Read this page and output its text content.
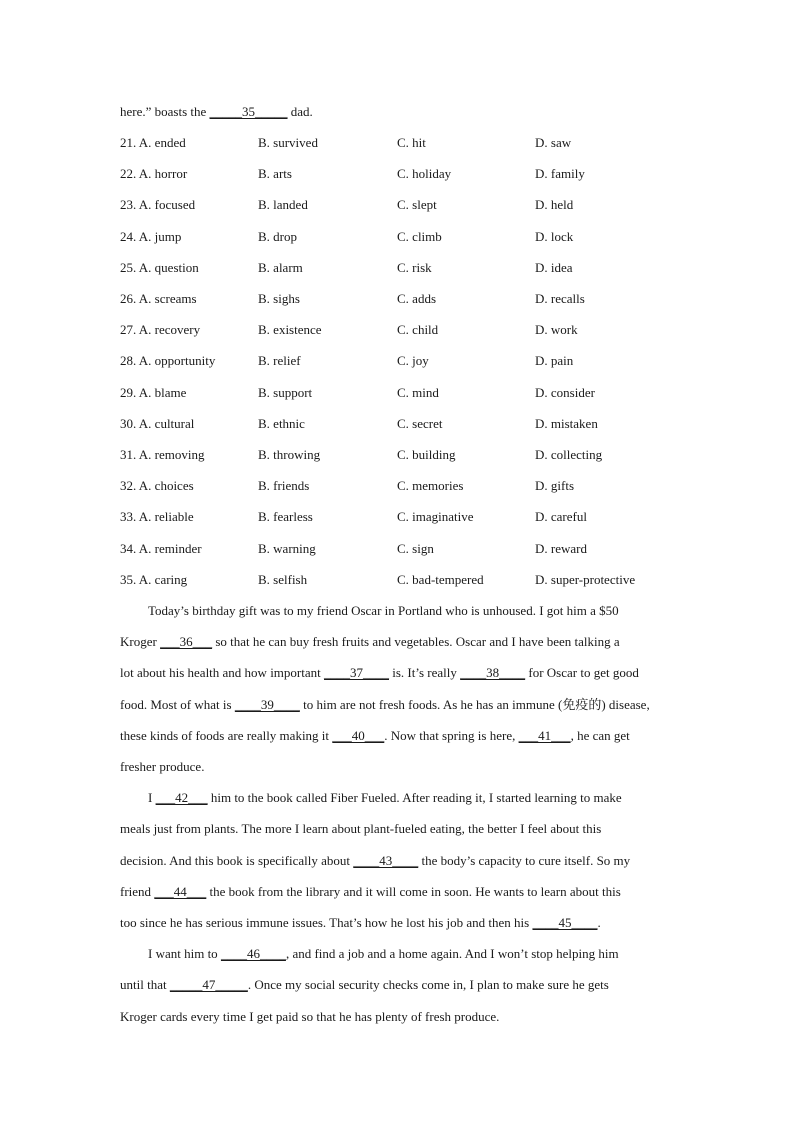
here.” boasts the _____35_____ dad.
21. A. ended	B. survived	C. hit	D. saw
22. A. horror	B. arts	C. holiday	D. family
23. A. focused	B. landed	C. slept	D. held
24. A. jump	B. drop	C. climb	D. lock
25. A. question	B. alarm	C. risk	D. idea
26. A. screams	B. sighs	C. adds	D. recalls
27. A. recovery	B. existence	C. child	D. work
28. A. opportunity	B. relief	C. joy	D. pain
29. A. blame	B. support	C. mind	D. consider
30. A. cultural	B. ethnic	C. secret	D. mistaken
31. A. removing	B. throwing	C. building	D. collecting
32. A. choices	B. friends	C. memories	D. gifts
33. A. reliable	B. fearless	C. imaginative	D. careful
34. A. reminder	B. warning	C. sign	D. reward
35. A. caring	B. selfish	C. bad-tempered	D. super-protective
Today’s birthday gift was to my friend Oscar in Portland who is unhoused. I got him a $50
Kroger ___36___ so that he can buy fresh fruits and vegetables. Oscar and I have been talking a
lot about his health and how important ____37____ is. It’s really ____38____ for Oscar to get good
food. Most of what is ____39____ to him are not fresh foods. As he has an immune (免疫的) disease,
these kinds of foods are really making it ___40___. Now that spring is here, ___41___, he can get
fresher produce.
I ___42___ him to the book called Fiber Fueled. After reading it, I started learning to make
meals just from plants. The more I learn about plant-fueled eating, the better I feel about this
decision. And this book is specifically about ____43____ the body’s capacity to cure itself. So my
friend ___44___ the book from the library and it will come in soon. He wants to learn about this
too since he has serious immune issues. That’s how he lost his job and then his ____45____.
I want him to ____46____, and find a job and a home again. And I won’t stop helping him
until that _____47_____. Once my social security checks come in, I plan to make sure he gets
Kroger cards every time I get paid so that he has plenty of fresh produce.
